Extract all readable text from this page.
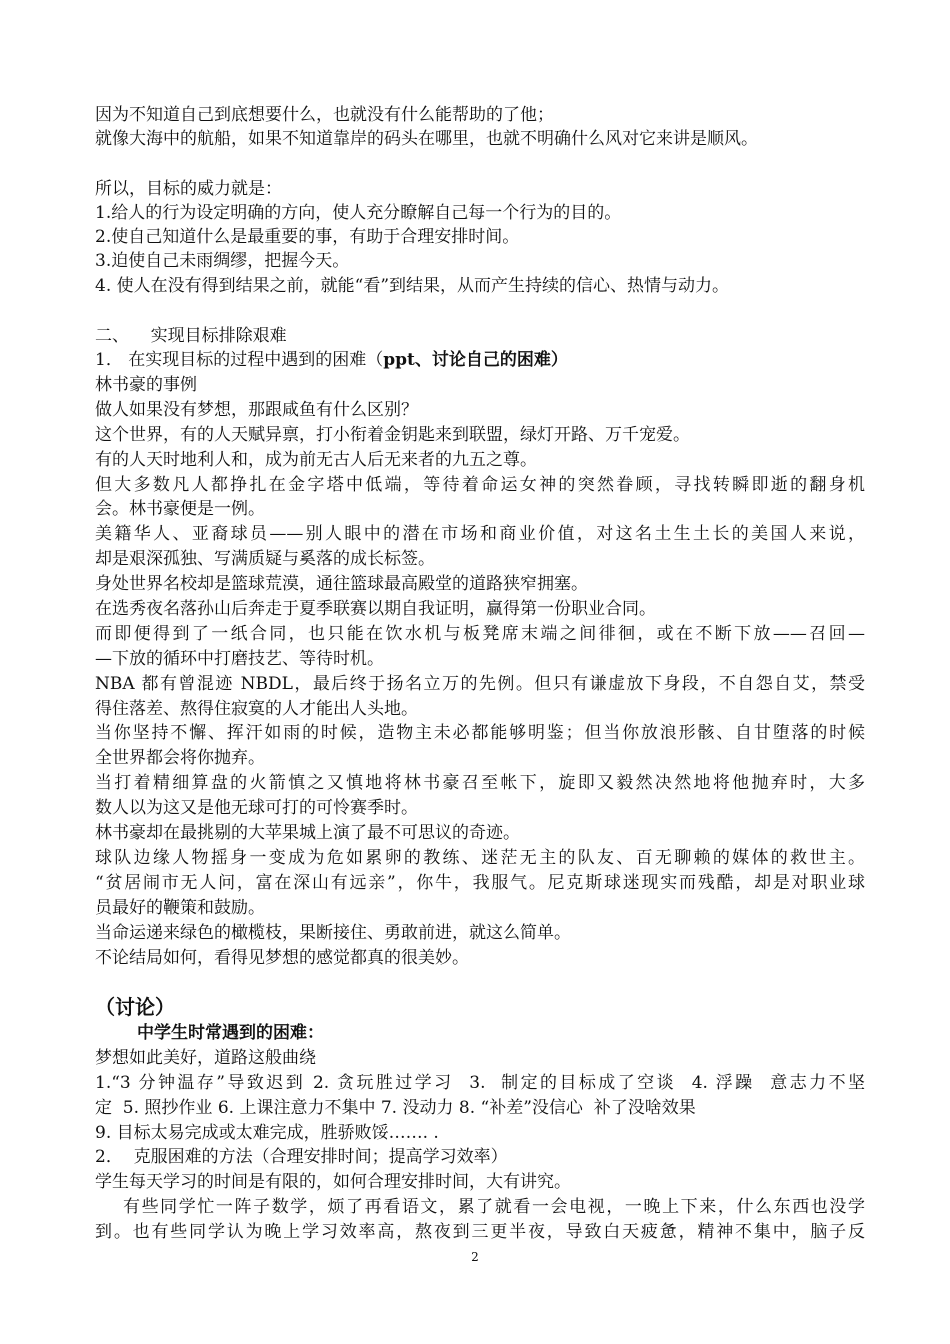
因为不知道自己到底想要什么，也就没有什么能帮助的了他；
就像大海中的航船，如果不知道靠岸的码头在哪里，也就不明确什么风对它来讲是顺风。
所以，目标的威力就是：
1.给人的行为设定明确的方向，使人充分瞭解自己每一个行为的目的。
2.使自己知道什么是最重要的事，有助于合理安排时间。
3.迫使自己未雨绸缪，把握今天。
4. 使人在没有得到结果之前，就能“看”到结果，从而产生持续的信心、热情与动力。
二、    实现目标排除艰难
1． 在实现目标的过程中遇到的困难（ppt、讨论自己的困难）
林书豪的事例
做人如果没有梦想，那跟咸鱼有什么区别？
这个世界，有的人天赋异禀，打小衔着金钥匙来到联盟，绿灯开路、万千宠爱。
有的人天时地利人和，成为前无古人后无来者的九五之尊。
但大多数凡人都挣扎在金字塔中低端，等待着命运女神的突然眷顾，寻找转瞬即逝的翻身机
会。林书豪便是一例。
美籍华人、亚裔球员——别人眼中的潜在市场和商业价值，对这名土生土长的美国人来说，
却是艰深孤独、写满质疑与奚落的成长标签。
身处世界名校却是篮球荒漠，通往篮球最高殿堂的道路狭窄拥塞。
在选秀夜名落孙山后奔走于夏季联赛以期自我证明，赢得第一份职业合同。
而即便得到了一纸合同，也只能在饮水机与板凳席末端之间徘徊，或在不断下放——召回—
—下放的循环中打磨技艺、等待时机。
NBA 都有曾混迹 NBDL，最后终于扬名立万的先例。但只有谦虚放下身段，不自怨自艾，禁受
得住落差、熬得住寂寞的人才能出人头地。
当你坚持不懈、挥汗如雨的时候，造物主未必都能够明鉴；但当你放浪形骸、自甘堕落的时候
全世界都会将你抛弃。
当打着精细算盘的火箭慎之又慎地将林书豪召至帐下，旋即又毅然决然地将他抛弃时，大多
数人以为这又是他无球可打的可怜赛季时。
林书豪却在最挑剔的大苹果城上演了最不可思议的奇迹。
球队边缘人物摇身一变成为危如累卵的教练、迷茫无主的队友、百无聊赖的媒体的救世主。
“贫居闹市无人问，富在深山有远亲”，你牛，我服气。尼克斯球迷现实而残酷，却是对职业球
员最好的鞭策和鼓励。
当命运递来绿色的橄榄枝，果断接住、勇敢前进，就这么简单。
不论结局如何，看得见梦想的感觉都真的很美妙。
（讨论）
中学生时常遇到的困难：
梦想如此美好，道路这般曲绕
1.“3 分钟温存”导致迟到 2. 贪玩胜过学习  3.  制定的目标成了空谈  4. 浮躁  意志力不坚
定  5. 照抄作业 6. 上课注意力不集中 7. 没动力 8. “补差”没信心  补了没啥效果
9. 目标太易完成或太难完成，胜骄败馁……. .
2．  克服困难的方法（合理安排时间；提高学习效率）
学生每天学习的时间是有限的，如何合理安排时间，大有讲究。
有些同学忙一阵子数学，烦了再看语文，累了就看一会电视，一晚上下来，什么东西也没学
到。也有些同学认为晚上学习效率高，熬夜到三更半夜，导致白天疲惫，精神不集中，脑子反
2
